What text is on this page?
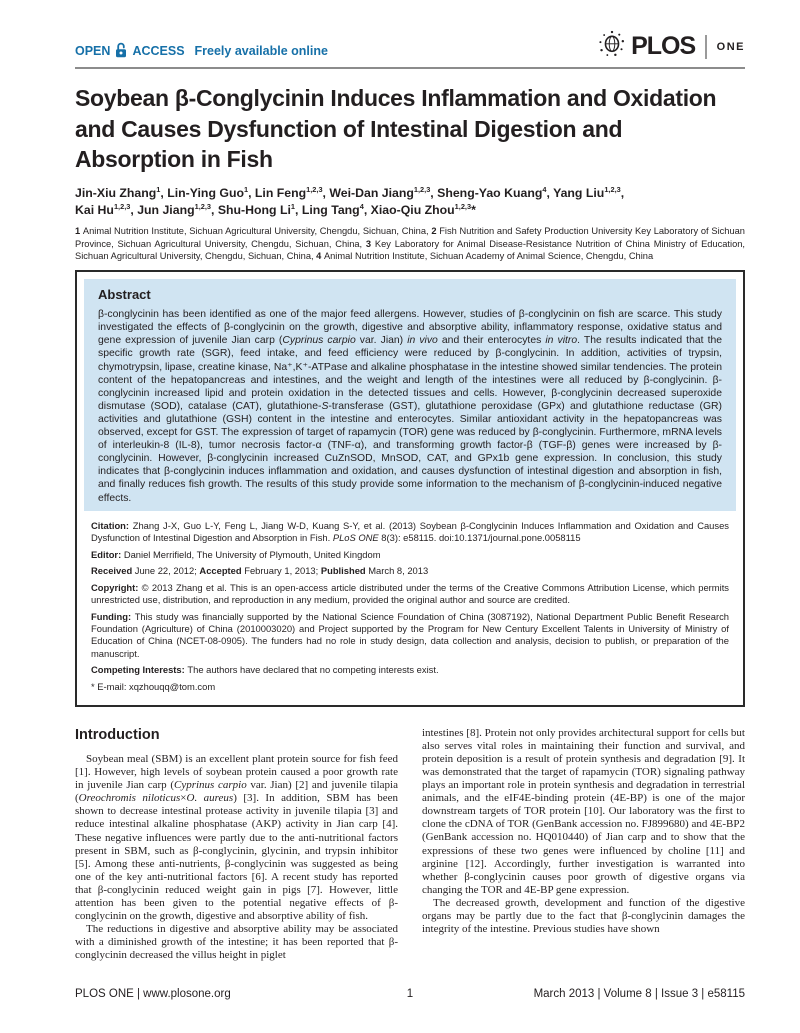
OPEN ACCESS Freely available online	PLOS ONE
Soybean β-Conglycinin Induces Inflammation and Oxidation and Causes Dysfunction of Intestinal Digestion and Absorption in Fish

Jin-Xiu Zhang$^1$, Lin-Ying Guo$^1$, Lin Feng$^{1,2,3}$, Wei-Dan Jiang$^{1,2,3}$, Sheng-Yao Kuang$^4$, Yang Liu$^{1,2,3}$,
Kai Hu$^{1,2,3}$, Jun Jiang$^{1,2,3}$, Shu-Hong Li$^1$, Ling Tang$^4$, Xiao-Qiu Zhou$^{1,2,3}$*

1 Animal Nutrition Institute, Sichuan Agricultural University, Chengdu, Sichuan, China, 2 Fish Nutrition and Safety Production University Key Laboratory of Sichuan Province, Sichuan Agricultural University, Chengdu, Sichuan, China, 3 Key Laboratory for Animal Disease-Resistance Nutrition of China Ministry of Education, Sichuan Agricultural University, Chengdu, Sichuan, China, 4 Animal Nutrition Institute, Sichuan Academy of Animal Science, Chengdu, China

Abstract

β-conglycinin has been identified as one of the major feed allergens. However, studies of β-conglycinin on fish are scarce. This study investigated the effects of β-conglycinin on the growth, digestive and absorptive ability, inflammatory response, oxidative status and gene expression of juvenile Jian carp (Cyprinus carpio var. Jian) in vivo and their enterocytes in vitro. The results indicated that the specific growth rate (SGR), feed intake, and feed efficiency were reduced by β-conglycinin. In addition, activities of trypsin, chymotrypsin, lipase, creatine kinase, Na⁺,K⁺-ATPase and alkaline phosphatase in the intestine showed similar tendencies. The protein content of the hepatopancreas and intestines, and the weight and length of the intestines were all reduced by β-conglycinin. β-conglycinin increased lipid and protein oxidation in the detected tissues and cells. However, β-conglycinin decreased superoxide dismutase (SOD), catalase (CAT), glutathione-S-transferase (GST), glutathione peroxidase (GPx) and glutathione reductase (GR) activities and glutathione (GSH) content in the intestine and enterocytes. Similar antioxidant activity in the hepatopancreas was observed, except for GST. The expression of target of rapamycin (TOR) gene was reduced by β-conglycinin. Furthermore, mRNA levels of interleukin-8 (IL-8), tumor necrosis factor-α (TNF-α), and transforming growth factor-β (TGF-β) genes were increased by β-conglycinin. However, β-conglycinin increased CuZnSOD, MnSOD, CAT, and GPx1b gene expression. In conclusion, this study indicates that β-conglycinin induces inflammation and oxidation, and causes dysfunction of intestinal digestion and absorption in fish, and finally reduces fish growth. The results of this study provide some information to the mechanism of β-conglycinin-induced negative effects.

Citation: Zhang J-X, Guo L-Y, Feng L, Jiang W-D, Kuang S-Y, et al. (2013) Soybean β-Conglycinin Induces Inflammation and Oxidation and Causes Dysfunction of Intestinal Digestion and Absorption in Fish. PLoS ONE 8(3): e58115. doi:10.1371/journal.pone.0058115

Editor: Daniel Merrifield, The University of Plymouth, United Kingdom

Received June 22, 2012; Accepted February 1, 2013; Published March 8, 2013

Copyright: © 2013 Zhang et al. This is an open-access article distributed under the terms of the Creative Commons Attribution License, which permits unrestricted use, distribution, and reproduction in any medium, provided the original author and source are credited.

Funding: This study was financially supported by the National Science Foundation of China (3087192), National Department Public Benefit Research Foundation (Agriculture) of China (2010003020) and Project supported by the Program for New Century Excellent Talents in University of Ministry of Education of China (NCET-08-0905). The funders had no role in study design, data collection and analysis, decision to publish, or preparation of the manuscript.

Competing Interests: The authors have declared that no competing interests exist.

* E-mail: xqzhouqq@tom.com

Introduction

Soybean meal (SBM) is an excellent plant protein source for fish feed [1]. However, high levels of soybean protein caused a poor growth rate in juvenile Jian carp (Cyprinus carpio var. Jian) [2] and juvenile tilapia (Oreochromis niloticus×O. aureus) [3]. In addition, SBM has been shown to decrease intestinal protease activity in juvenile tilapia [3] and reduce intestinal alkaline phosphatase (AKP) activity in Jian carp [4]. These negative influences were partly due to the anti-nutritional factors present in SBM, such as β-conglycinin, glycinin, and trypsin inhibitor [5]. Among these anti-nutrients, β-conglycinin was suggested as being one of the key anti-nutritional factors [6]. A recent study has reported that β-conglycinin reduced weight gain in pigs [7]. However, little attention has been given to the potential negative effects of β-conglycinin on the growth, digestive and absorptive ability of fish.

The reductions in digestive and absorptive ability may be associated with a diminished growth of the intestine; it has been reported that β-conglycinin decreased the villus height in piglet

intestines [8]. Protein not only provides architectural support for cells but also serves vital roles in maintaining their function and survival, and protein deposition is a result of protein synthesis and degradation [9]. It was demonstrated that the target of rapamycin (TOR) signaling pathway plays an important role in protein synthesis and degradation in terrestrial animals, and the eIF4E-binding protein (4E-BP) is one of the major downstream targets of TOR protein [10]. Our laboratory was the first to clone the cDNA of TOR (GenBank accession no. FJ899680) and 4E-BP2 (GenBank accession no. HQ010440) of Jian carp and to show that the expressions of these two genes were influenced by choline [11] and arginine [12]. Accordingly, further investigation is warranted into whether β-conglycinin causes poor growth of digestive organs via changing the TOR and 4E-BP gene expression.

The decreased growth, development and function of the digestive organs may be partly due to the fact that β-conglycinin damages the integrity of the intestine. Previous studies have shown

PLOS ONE | www.plosone.org	1	March 2013 | Volume 8 | Issue 3 | e58115
